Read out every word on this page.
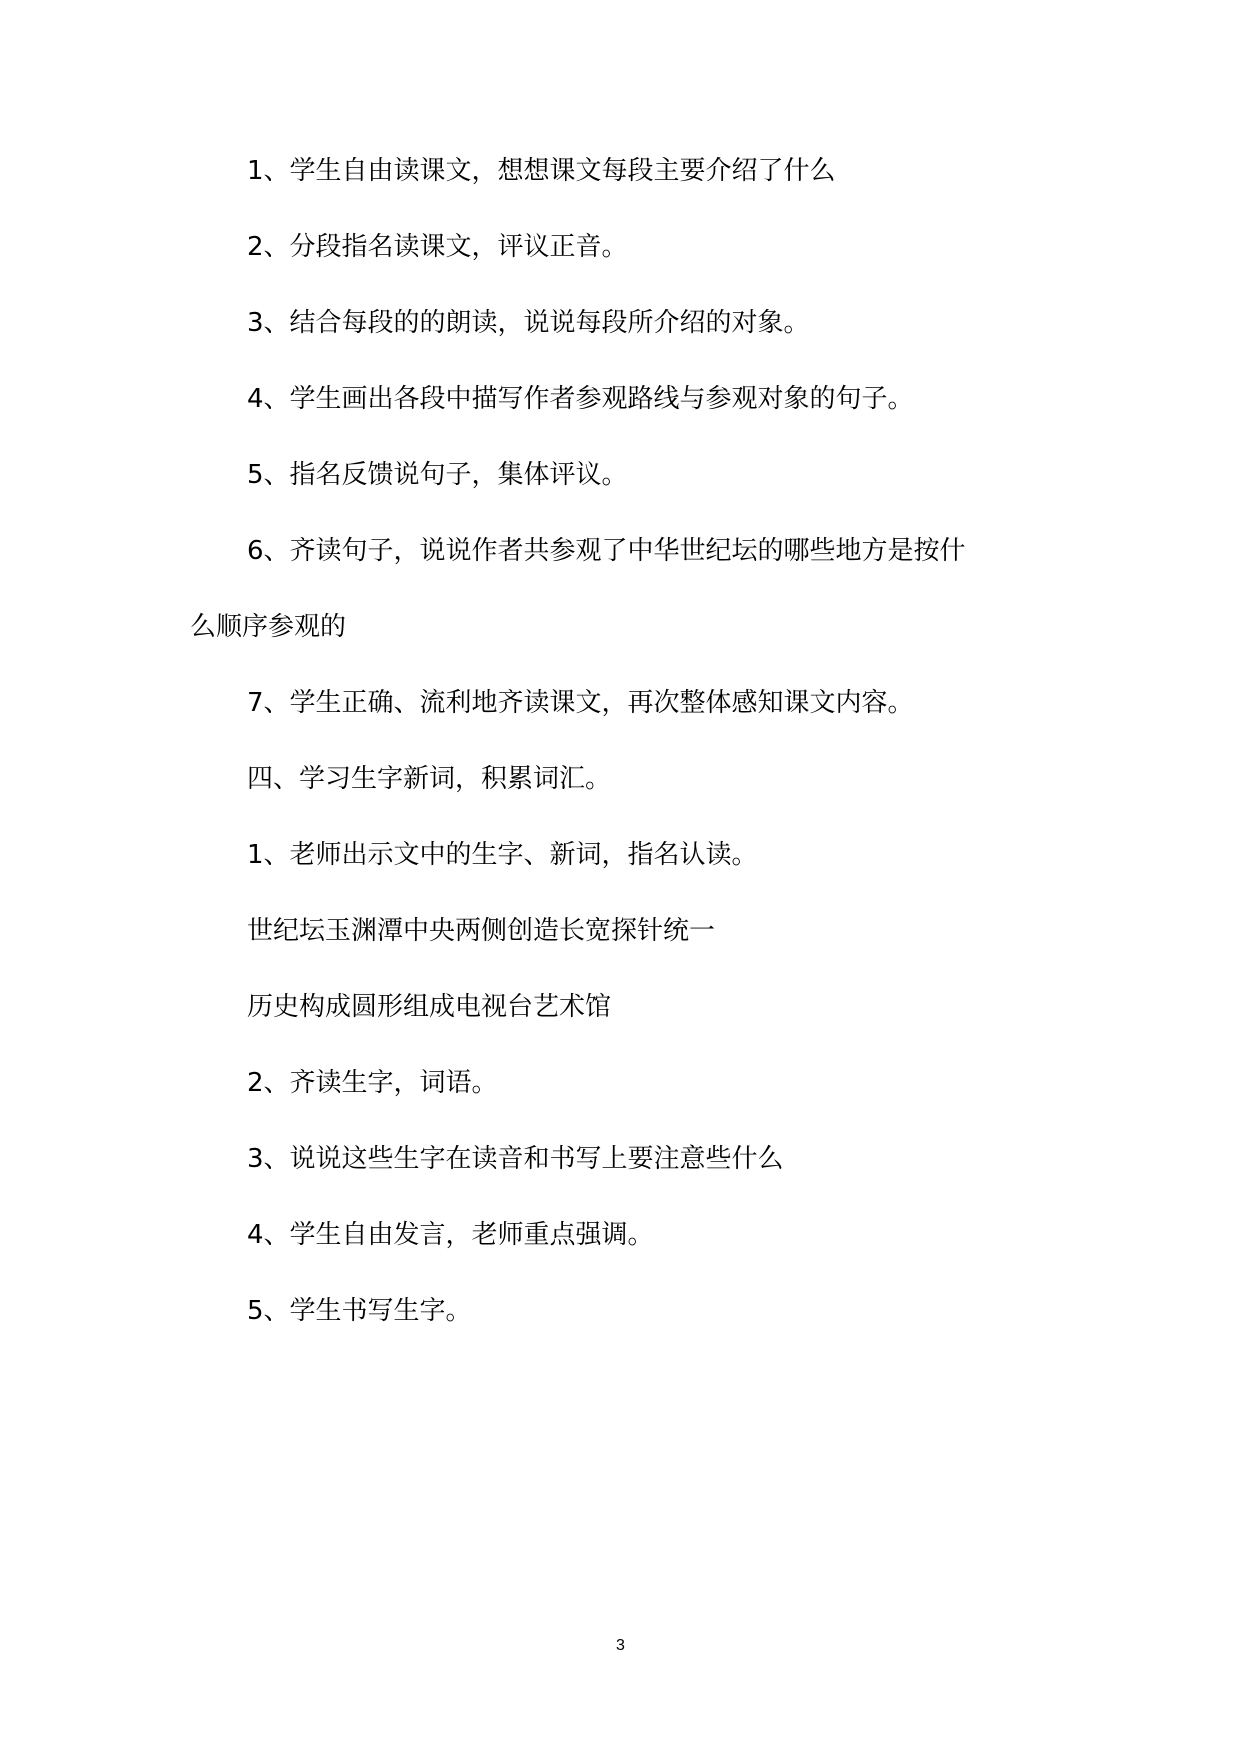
1、学生自由读课文，想想课文每段主要介绍了什么
2、分段指名读课文，评议正音。
3、结合每段的的朗读，说说每段所介绍的对象。
4、学生画出各段中描写作者参观路线与参观对象的句子。
5、指名反馈说句子，集体评议。
6、齐读句子，说说作者共参观了中华世纪坛的哪些地方是按什
么顺序参观的
7、学生正确、流利地齐读课文，再次整体感知课文内容。
四、学习生字新词，积累词汇。
1、老师出示文中的生字、新词，指名认读。
世纪坛玉渊潭中央两侧创造长宽探针统一
历史构成圆形组成电视台艺术馆
2、齐读生字，词语。
3、说说这些生字在读音和书写上要注意些什么
4、学生自由发言，老师重点强调。
5、学生书写生字。
3
